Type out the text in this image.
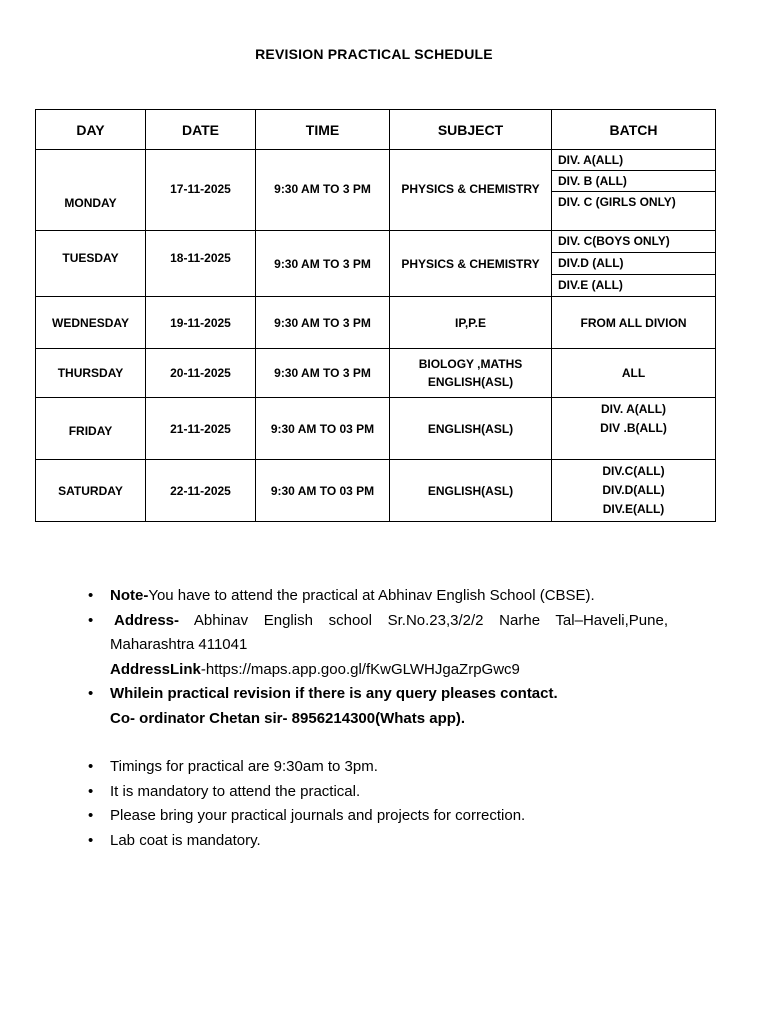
REVISION PRACTICAL SCHEDULE
DAY	DATE	TIME	SUBJECT	BATCH
MONDAY	17-11-2025	9:30 AM TO 3 PM	PHYSICS & CHEMISTRY	DIV. A(ALL)
DIV. B (ALL)
DIV. C (GIRLS ONLY)

TUESDAY	18-11-2025	9:30 AM TO 3 PM	PHYSICS & CHEMISTRY	DIV. C(BOYS ONLY)
DIV.D (ALL)
DIV.E (ALL)

WEDNESDAY	19-11-2025	9:30 AM TO 3 PM	IP,P.E	FROM ALL DIVION
THURSDAY	20-11-2025	9:30 AM TO 3 PM	BIOLOGY ,MATHS ENGLISH(ASL)	ALL
FRIDAY	21-11-2025	9:30 AM TO 03 PM	ENGLISH(ASL)	DIV. A(ALL)
DIV .B(ALL)

SATURDAY	22-11-2025	9:30 AM TO 03 PM	ENGLISH(ASL)	DIV.C(ALL)
DIV.D(ALL)
DIV.E(ALL)
•	Note-You have to attend the practical at Abhinav English School (CBSE).
•	Address- Abhinav English school Sr.No.23,3/2/2 Narhe Tal–Haveli,Pune, Maharashtra 411041
AddressLink-https://maps.app.goo.gl/fKwGLWHJgaZrpGwc9
•	Whilein practical revision if there is any query pleases contact.
Co- ordinator Chetan sir- 8956214300(Whats app).
•	Timings for practical are 9:30am to 3pm.
•	It is mandatory to attend the practical.
•	Please bring your practical journals and projects for correction.
•	Lab coat is mandatory.
